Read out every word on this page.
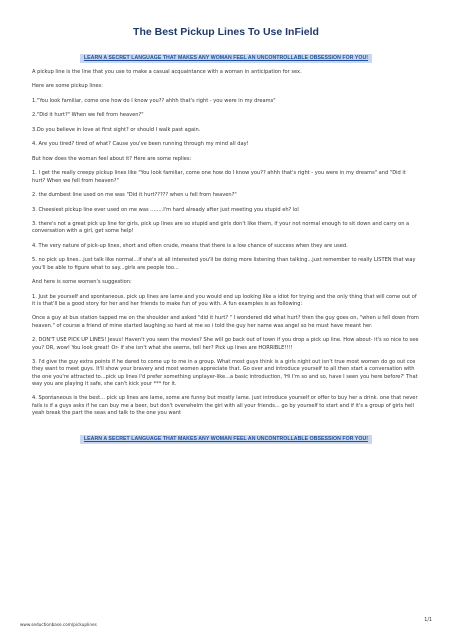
The Best Pickup Lines To Use InField
LEARN A SECRET LANGUAGE THAT MAKES ANY WOMAN FEEL AN UNCONTROLLABLE OBSESSION FOR YOU!

A pickup line is the line that you use to make a casual acquaintance with a woman in anticipation for sex.

Here are some pickup lines:

1."You look familiar, come one how do I know you?? ahhh that's right - you were in my dreams"

2."Did it hurt?" When we fell from heaven?"

3.Do you believe in love at first sight? or should I walk past again.

4. Are you tired? tired of what? Cause you've been running through my mind all day!

But how does the woman feel about it? Here are some replies:

1. I get the really creepy pickup lines like "You look familiar, come one how do I know you?? ahhh that's right - you were in my dreams" and "Did it hurt? When we fell from heaven?"

2. the dumbest line used on me was "Did it hurt????? when u fell from heaven?"

3. Cheesiest pickup line ever used on me was ........I'm hard already after just meeting you stupid eh? lol

3. there's not a great pick up line for girls, pick up lines are so stupid and girls don't like them, if your not normal enough to sit down and carry on a conversation with a girl, get some help!

4. The very nature of pick-up lines, short and often crude, means that there is a low chance of success when they are used.

5. no pick up lines...just talk like normal...if she's at all interested you'll be doing more listening than talking...just remember to really LISTEN that way you'll be able to figure what to say...girls are people too...

And here is some women's suggestion:

1. Just be yourself and spontaneous. pick up lines are lame and you would end up looking like a idiot for trying and the only thing that will come out of it is that'll be a good story for her and her friends to make fun of you with. A fun examples is as following:

Once a guy at bus station tapped me on the shoulder and asked "did it hurt? " I wondered did what hurt? then the guy goes on, "when u fell down from heaven." of course a friend of mine started laughing so hard at me so i told the guy her name was angel so he must have meant her.

2. DON'T USE PICK UP LINES! Jesus! Haven't you seen the movies? She will go back out of town if you drop a pick up line. How about- it's so nice to see you? OR, wow! You look great! Or- if she isn't what she seems, tell her? Pick up lines are HORRIBLE!!!!

3. I'd give the guy extra points if he dared to come up to me in a group. What most guys think is a girls night out isn't true most women do go out cos they want to meet guys. It'll show your bravery and most women appreciate that. Go over and introduce yourself to all then start a conversation with the one you're attracted to...pick up lines I'd prefer something unplayer-like...a basic introduction, 'Hi I'm so and so, have I seen you here before?' That way you are playing it safe, she can't kick your *** for it.

4. Spontaneous is the best... pick up lines are lame, some are funny but mostly lame. just introduce yourself or offer to buy her a drink. one that never fails is if a guys asks if he can buy me a beer, but don't overwhelm the girl with all your friends... go by yourself to start and if it's a group of girls hell yeah break the part the seas and talk to the one you want

LEARN A SECRET LANGUAGE THAT MAKES ANY WOMAN FEEL AN UNCONTROLLABLE OBSESSION FOR YOU!
www.seductionbase.com/pickuplines
1/1
